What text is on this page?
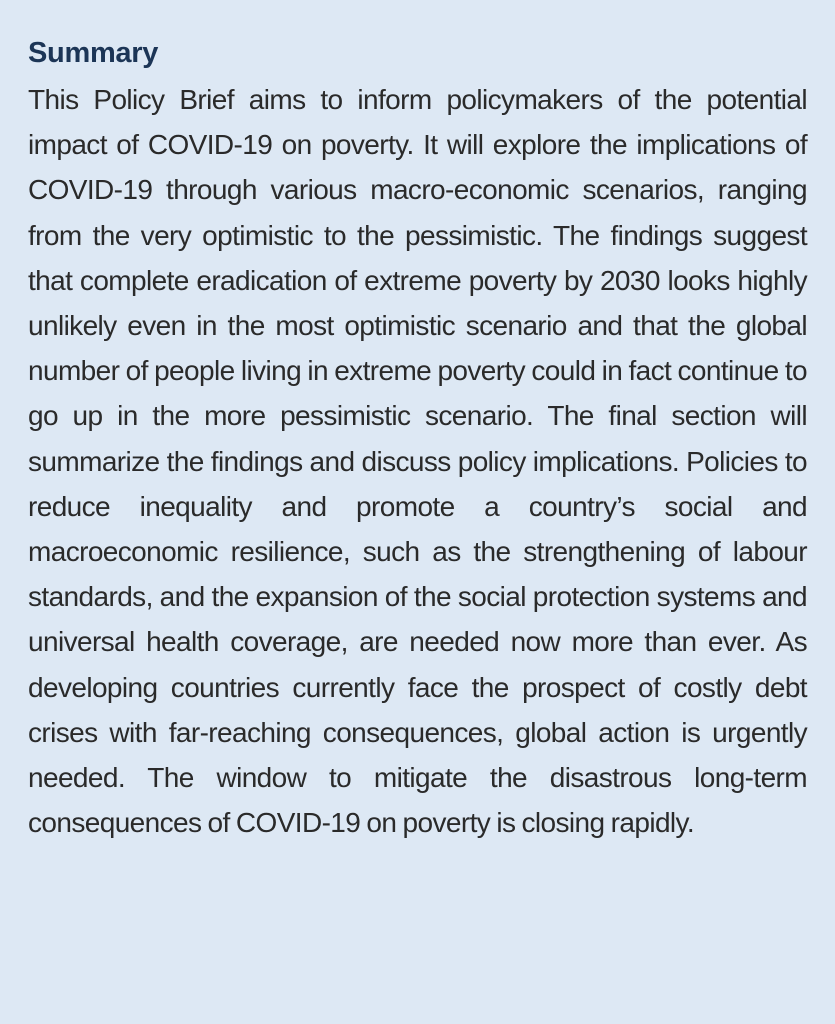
Summary

This Policy Brief aims to inform policymakers of the potential impact of COVID-19 on poverty. It will explore the implications of COVID-19 through various macro-economic scenarios, ranging from the very optimistic to the pessimistic. The findings suggest that complete eradication of extreme poverty by 2030 looks highly unlikely even in the most optimistic scenario and that the global number of people living in extreme poverty could in fact continue to go up in the more pessimistic scenario. The final section will summarize the findings and discuss policy implications. Policies to reduce inequality and promote a country’s social and macroeconomic resilience, such as the strengthening of labour standards, and the expansion of the social protection systems and universal health coverage, are needed now more than ever. As developing countries currently face the prospect of costly debt crises with far-reaching consequences, global action is urgently needed. The window to mitigate the disastrous long-term consequences of COVID-19 on poverty is closing rapidly.
